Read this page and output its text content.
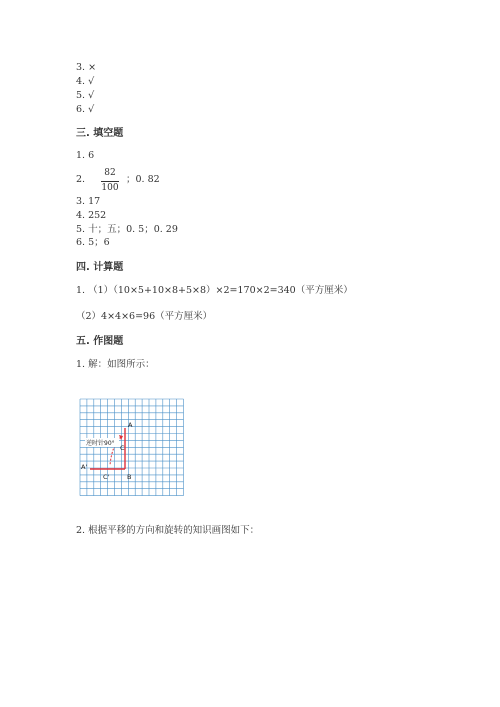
3. ×
4. √
5. √
6. √
三. 填空题
1. 6
2.
82
100
；0. 82
3. 17
4. 252
5. 十；五；0. 5；0. 29
6. 5；6
四. 计算题
1. （1）（10×5+10×8+5×8）×2=170×2=340（平方厘米）
（2）4×4×6=96（平方厘米）
五. 作图题
1. 解：如图所示：
逆时针90°
A
C
A'
C'	B
2. 根据平移的方向和旋转的知识画图如下：
